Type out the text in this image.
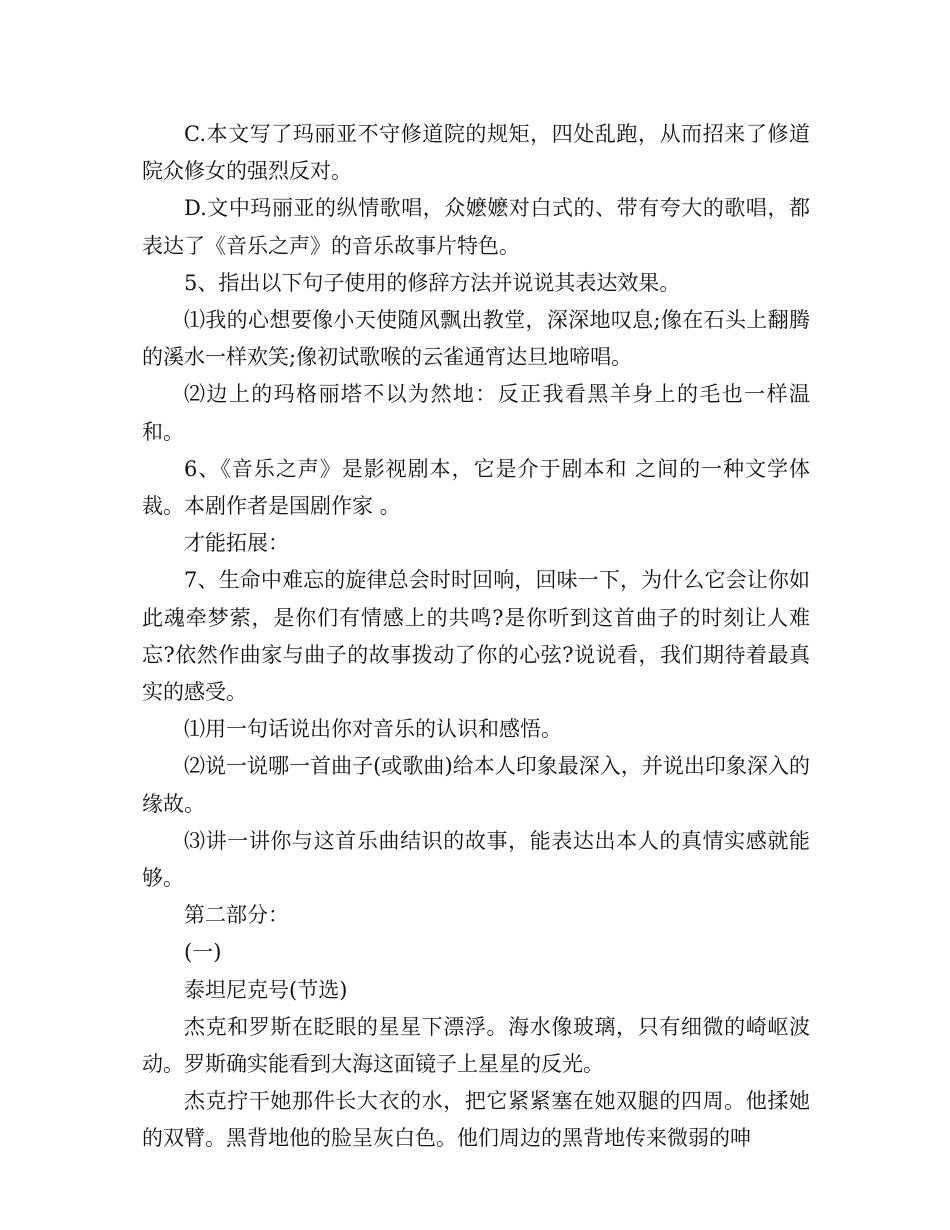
C.本文写了玛丽亚不守修道院的规矩，四处乱跑，从而招来了修道院众修女的强烈反对。

D.文中玛丽亚的纵情歌唱，众嬷嬷对白式的、带有夸大的歌唱，都表达了《音乐之声》的音乐故事片特色。

5、指出以下句子使用的修辞方法并说说其表达效果。

⑴我的心想要像小天使随风飘出教堂，深深地叹息;像在石头上翻腾的溪水一样欢笑;像初试歌喉的云雀通宵达旦地啼唱。

⑵边上的玛格丽塔不以为然地：反正我看黑羊身上的毛也一样温和。

6、《音乐之声》是影视剧本，它是介于剧本和 之间的一种文学体裁。本剧作者是国剧作家 。

才能拓展：

7、生命中难忘的旋律总会时时回响，回味一下，为什么它会让你如此魂牵梦萦，是你们有情感上的共鸣?是你听到这首曲子的时刻让人难忘?依然作曲家与曲子的故事拨动了你的心弦?说说看，我们期待着最真实的感受。

⑴用一句话说出你对音乐的认识和感悟。

⑵说一说哪一首曲子(或歌曲)给本人印象最深入，并说出印象深入的缘故。

⑶讲一讲你与这首乐曲结识的故事，能表达出本人的真情实感就能够。

第二部分：

(一)

泰坦尼克号(节选)

杰克和罗斯在眨眼的星星下漂浮。海水像玻璃，只有细微的崎岖波动。罗斯确实能看到大海这面镜子上星星的反光。

杰克拧干她那件长大衣的水，把它紧紧塞在她双腿的四周。他揉她的双臂。黑背地他的脸呈灰白色。他们周边的黑背地传来微弱的呻
